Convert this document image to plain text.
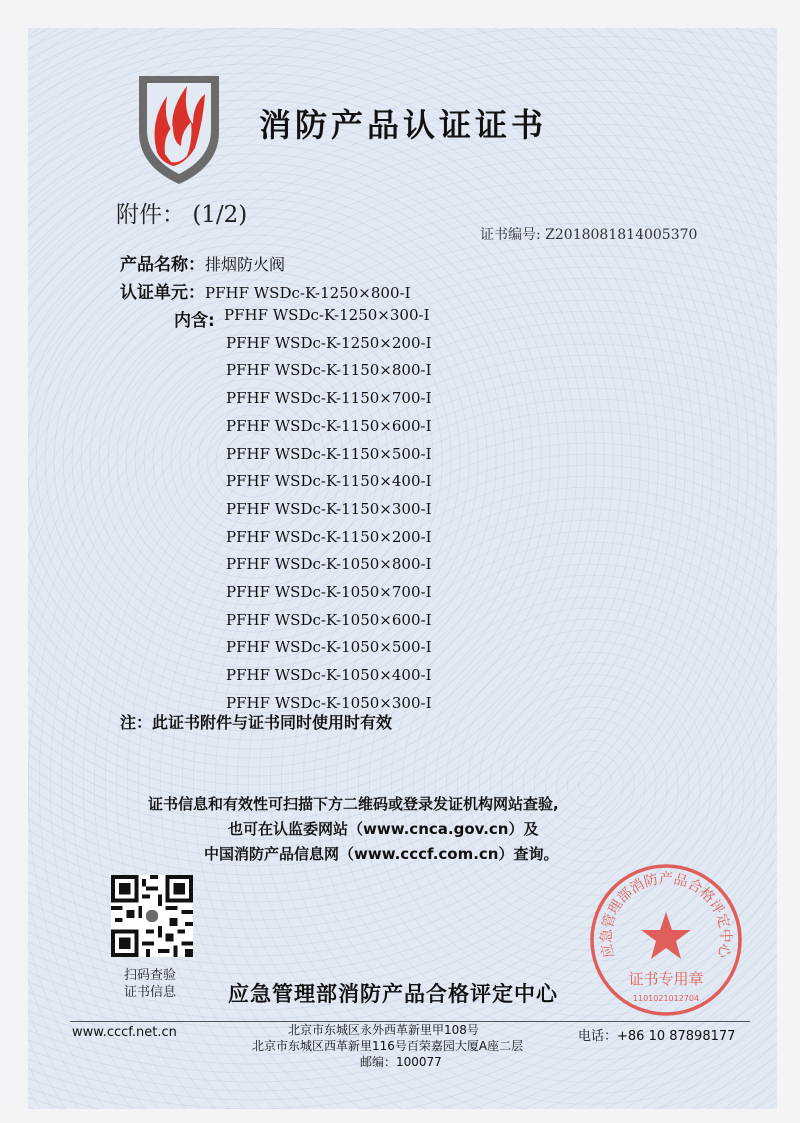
消防产品认证证书
附件： (1/2)
证书编号: Z2018081814005370
产品名称：排烟防火阀
认证单元：PFHF WSDc-K-1250×800-I
内含: PFHF WSDc-K-1250×300-I
PFHF WSDc-K-1250×200-I
PFHF WSDc-K-1150×800-I
PFHF WSDc-K-1150×700-I
PFHF WSDc-K-1150×600-I
PFHF WSDc-K-1150×500-I
PFHF WSDc-K-1150×400-I
PFHF WSDc-K-1150×300-I
PFHF WSDc-K-1150×200-I
PFHF WSDc-K-1050×800-I
PFHF WSDc-K-1050×700-I
PFHF WSDc-K-1050×600-I
PFHF WSDc-K-1050×500-I
PFHF WSDc-K-1050×400-I
PFHF WSDc-K-1050×300-I
注：此证书附件与证书同时使用时有效
证书信息和有效性可扫描下方二维码或登录发证机构网站查验,
也可在认监委网站（www.cnca.gov.cn）及
中国消防产品信息网（www.cccf.com.cn）查询。
扫码查验
证书信息 应急管理部消防产品合格评定中心
应急管理部消防产品合格评定中心
证书专用章
1101021012704
www.cccf.net.cn	北京市东城区永外西革新里甲108号
北京市东城区西革新里116号百荣嘉园大厦A座二层
邮编：100077
电话：+86 10 87898177
